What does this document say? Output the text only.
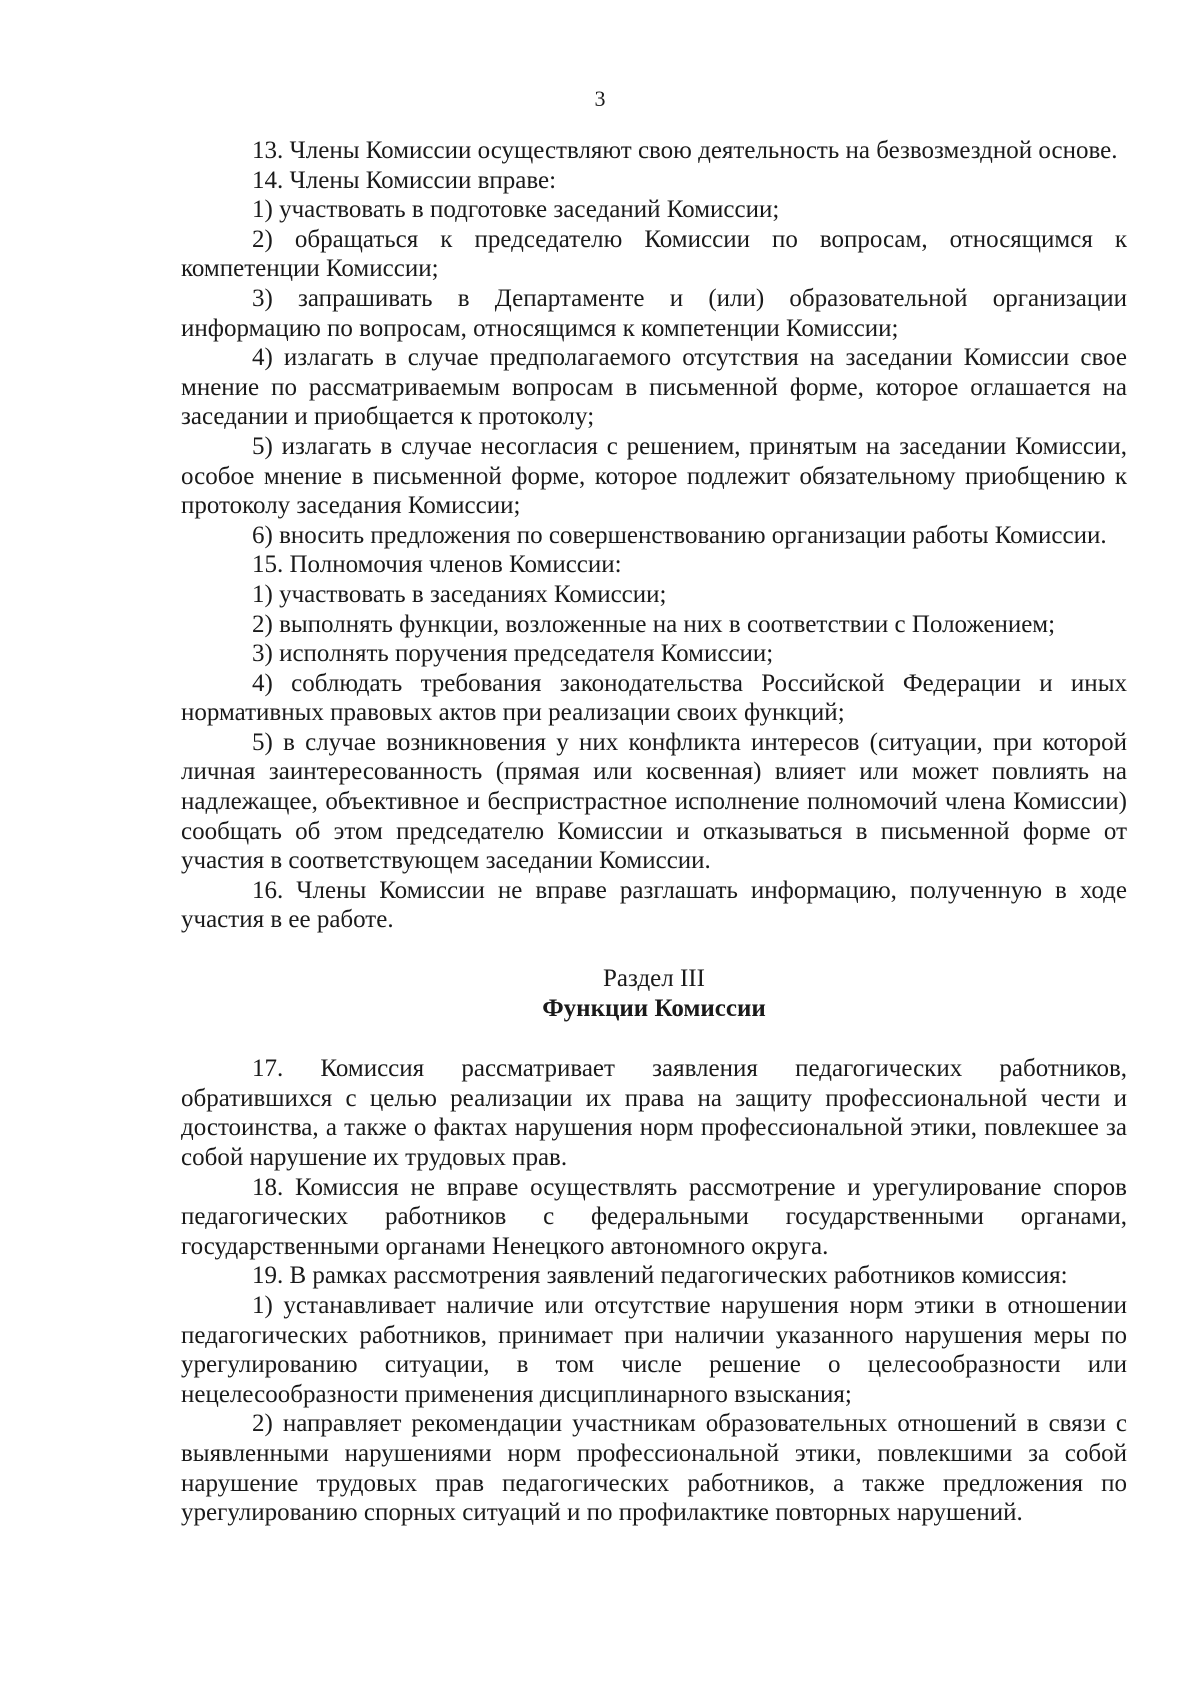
3

13. Члены Комиссии осуществляют свою деятельность на безвозмездной основе.

14. Члены Комиссии вправе:

1) участвовать в подготовке заседаний Комиссии;

2) обращаться к председателю Комиссии по вопросам, относящимся к компетенции Комиссии;

3) запрашивать в Департаменте и (или) образовательной организации информацию по вопросам, относящимся к компетенции Комиссии;

4) излагать в случае предполагаемого отсутствия на заседании Комиссии свое мнение по рассматриваемым вопросам в письменной форме, которое оглашается на заседании и приобщается к протоколу;

5) излагать в случае несогласия с решением, принятым на заседании Комиссии, особое мнение в письменной форме, которое подлежит обязательному приобщению к протоколу заседания Комиссии;

6) вносить предложения по совершенствованию организации работы Комиссии.

15. Полномочия членов Комиссии:

1) участвовать в заседаниях Комиссии;

2) выполнять функции, возложенные на них в соответствии с Положением;

3) исполнять поручения председателя Комиссии;

4) соблюдать требования законодательства Российской Федерации и иных нормативных правовых актов при реализации своих функций;

5) в случае возникновения у них конфликта интересов (ситуации, при которой личная заинтересованность (прямая или косвенная) влияет или может повлиять на надлежащее, объективное и беспристрастное исполнение полномочий члена Комиссии) сообщать об этом председателю Комиссии и отказываться в письменной форме от участия в соответствующем заседании Комиссии.

16. Члены Комиссии не вправе разглашать информацию, полученную в ходе участия в ее работе.

Раздел III

Функции Комиссии

17. Комиссия рассматривает заявления педагогических работников, обратившихся с целью реализации их права на защиту профессиональной чести и достоинства, а также о фактах нарушения норм профессиональной этики, повлекшее за собой нарушение их трудовых прав.

18. Комиссия не вправе осуществлять рассмотрение и урегулирование споров педагогических работников с федеральными государственными органами, государственными органами Ненецкого автономного округа.

19. В рамках рассмотрения заявлений педагогических работников комиссия:

1) устанавливает наличие или отсутствие нарушения норм этики в отношении педагогических работников, принимает при наличии указанного нарушения меры по урегулированию ситуации, в том числе решение о целесообразности или нецелесообразности применения дисциплинарного взыскания;

2) направляет рекомендации участникам образовательных отношений в связи с выявленными нарушениями норм профессиональной этики, повлекшими за собой нарушение трудовых прав педагогических работников, а также предложения по урегулированию спорных ситуаций и по профилактике повторных нарушений.
